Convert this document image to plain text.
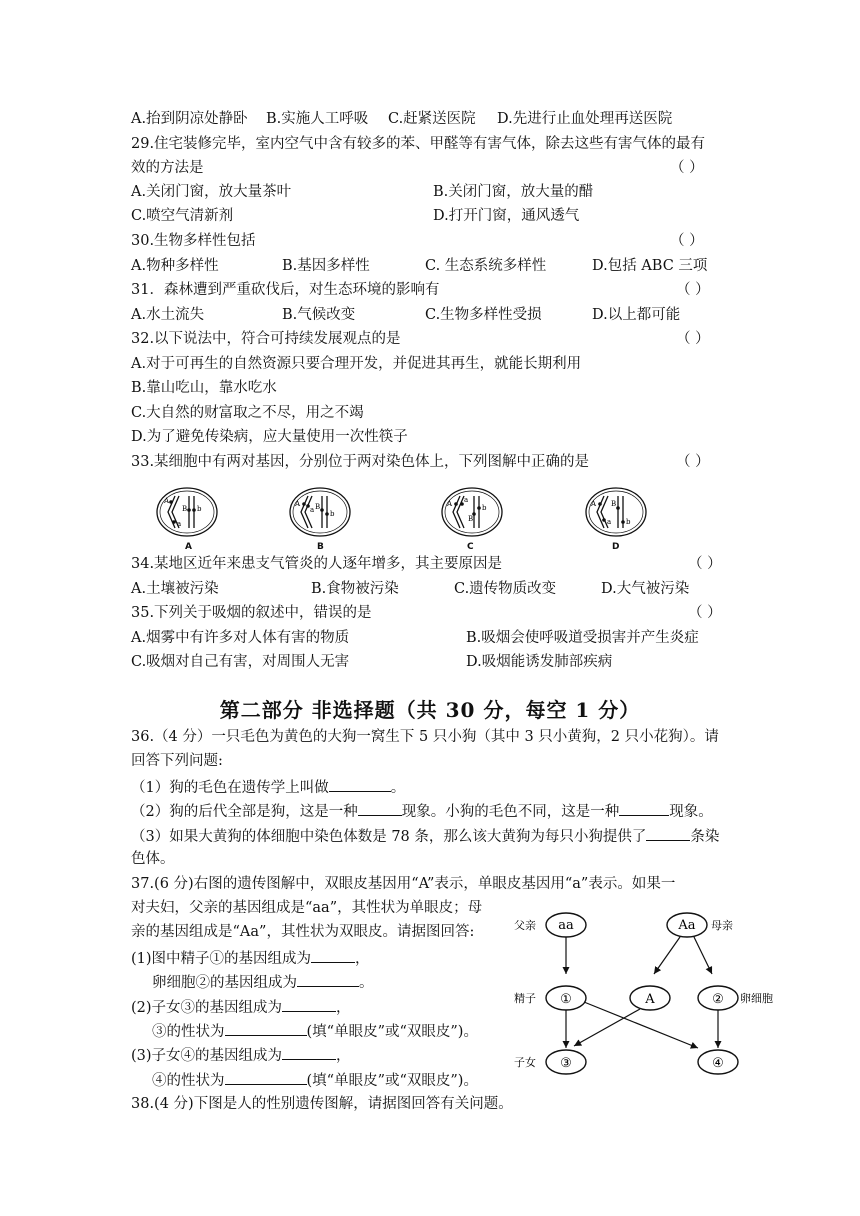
A.抬到阴凉处静卧 B.实施人工呼吸 C.赶紧送医院 D.先进行止血处理再送医院
29.住宅装修完毕，室内空气中含有较多的苯、甲醛等有害气体，除去这些有害气体的最有
效的方法是	（ ）
A.关闭门窗，放大量茶叶	B.关闭门窗，放大量的醋
C.喷空气清新剂	D.打开门窗，通风透气
30.生物多样性包括	（ ）
A.物种多样性	B.基因多样性	C. 生态系统多样性	D.包括 ABC 三项
31．森林遭到严重砍伐后，对生态环境的影响有	（ ）
A.水土流失	B.气候改变	C.生物多样性受损	D.以上都可能
32.以下说法中，符合可持续发展观点的是	（ ）
A.对于可再生的自然资源只要合理开发，并促进其再生，就能长期利用
B.靠山吃山，靠水吃水
C.大自然的财富取之不尽，用之不竭
D.为了避免传染病，应大量使用一次性筷子
33.某细胞中有两对基因，分别位于两对染色体上，下列图解中正确的是	（ ）
A
a
B b
A
A
a B
b
B
A a
B
b
C
A
a
B
b
D
34.某地区近年来患支气管炎的人逐年增多，其主要原因是	（ ）
A.土壤被污染	B.食物被污染	C.遗传物质改变	D.大气被污染
35.下列关于吸烟的叙述中，错误的是	（ ）
A.烟雾中有许多对人体有害的物质	B.吸烟会使呼吸道受损害并产生炎症
C.吸烟对自己有害，对周围人无害	D.吸烟能诱发肺部疾病
第二部分 非选择题（共 30 分，每空 1 分）
36.（4 分）一只毛色为黄色的大狗一窝生下 5 只小狗（其中 3 只小黄狗，2 只小花狗）。请
回答下列问题:
（1）狗的毛色在遗传学上叫做	。
（2）狗的后代全部是狗，这是一种	现象。小狗的毛色不同，这是一种	现象。
（3）如果大黄狗的体细胞中染色体数是 78 条，那么该大黄狗为每只小狗提供了	条染
色体。
37.(6 分)右图的遗传图解中，双眼皮基因用“A”表示，单眼皮基因用“a”表示。如果一
对夫妇，父亲的基因组成是“aa”，其性状为单眼皮；母
亲的基因组成是“Aa”，其性状为双眼皮。请据图回答:
(1)图中精子①的基因组成为	，
卵细胞②的基因组成为	。
(2)子女③的基因组成为	，
③的性状为	(填“单眼皮”或“双眼皮”)。
(3)子女④的基因组成为	，
④的性状为	(填“单眼皮”或“双眼皮”)。
父亲 aa	Aa 母亲
精子 ①	A	② 卵细胞
子女 ③	④
38.(4 分)下图是人的性别遗传图解，请据图回答有关问题。
